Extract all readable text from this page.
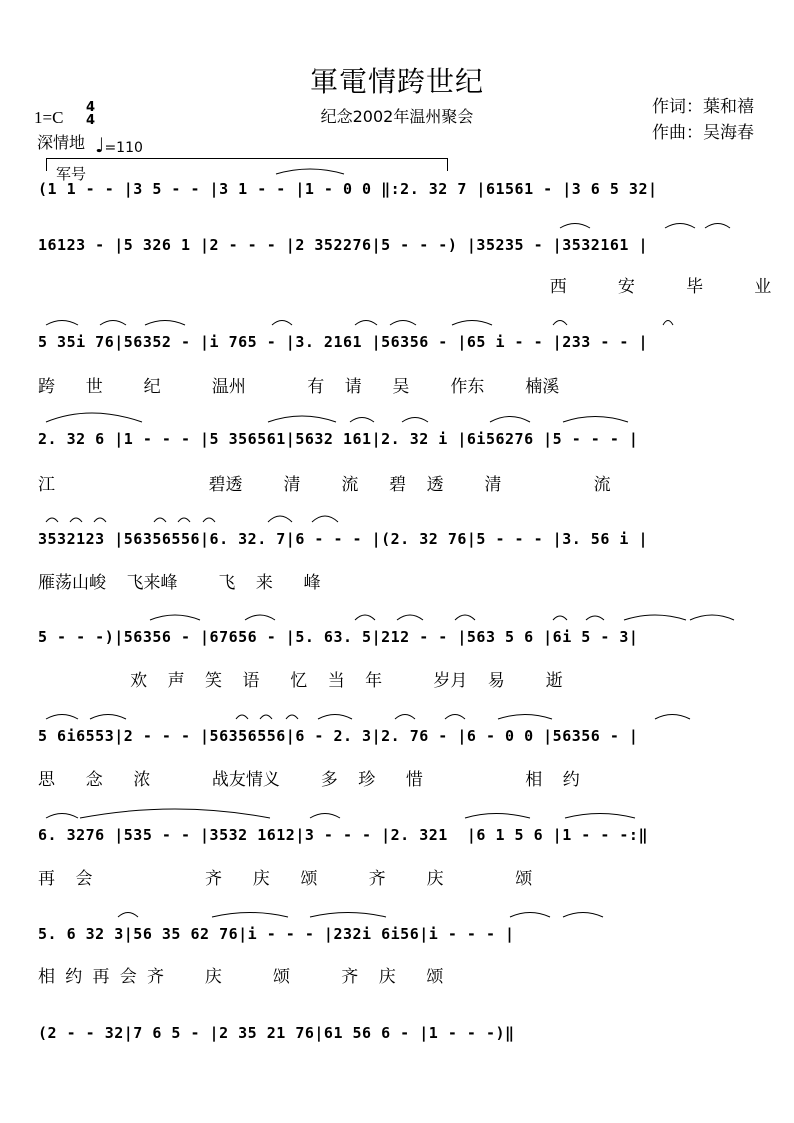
軍電情跨世纪
纪念2002年温州聚会	作词：葉和禧
作曲：吴海春
1=C
4
4
深情地 ♩=110
军号
(1 1 - - |3 5 - - |3 1 - - |1 - 0 0 ‖:2. 32 7 |61561 - |3 6 5 32|
16123 - |5 326 1 |2 - - - |2 352276|5 - - -) |35235 - |3532161 |
西     安     毕     业
5 35i 76|56352 - |i 765 - |3. 2161 |56356 - |65 i - - |233 - - |
跨   世    纪     温州      有  请   吴    作东    楠溪
2. 32 6 |1 - - - |5 356561|5632 161|2. 32 i |6i56276 |5 - - - |
江               碧透    清    流   碧  透    清         流
3532123 |56356556|6. 32. 7|6 - - - |(2. 32 76|5 - - - |3. 56 i |
雁荡山峻  飞来峰    飞  来   峰
5 - - -)|56356 - |67656 - |5. 63. 5|212 - - |563 5 6 |6i 5 - 3|
欢  声  笑  语   忆  当  年     岁月  易    逝
5 6i6553|2 - - - |56356556|6 - 2. 3|2. 76 - |6 - 0 0 |56356 - |
思   念   浓      战友情义    多  珍   惜          相  约
6. 3276 |535 - - |3532 1612|3 - - - |2. 321  |6 1 5 6 |1 - - -:‖
再  会           齐   庆   颂     齐    庆       颂
5. 6 32 3|56 35 62 76|i - - - |232i 6i56|i - - - |
相 约 再 会 齐    庆     颂     齐  庆   颂
(2 - - 32|7 6 5 - |2 35 21 76|61 56 6 - |1 - - -)‖
